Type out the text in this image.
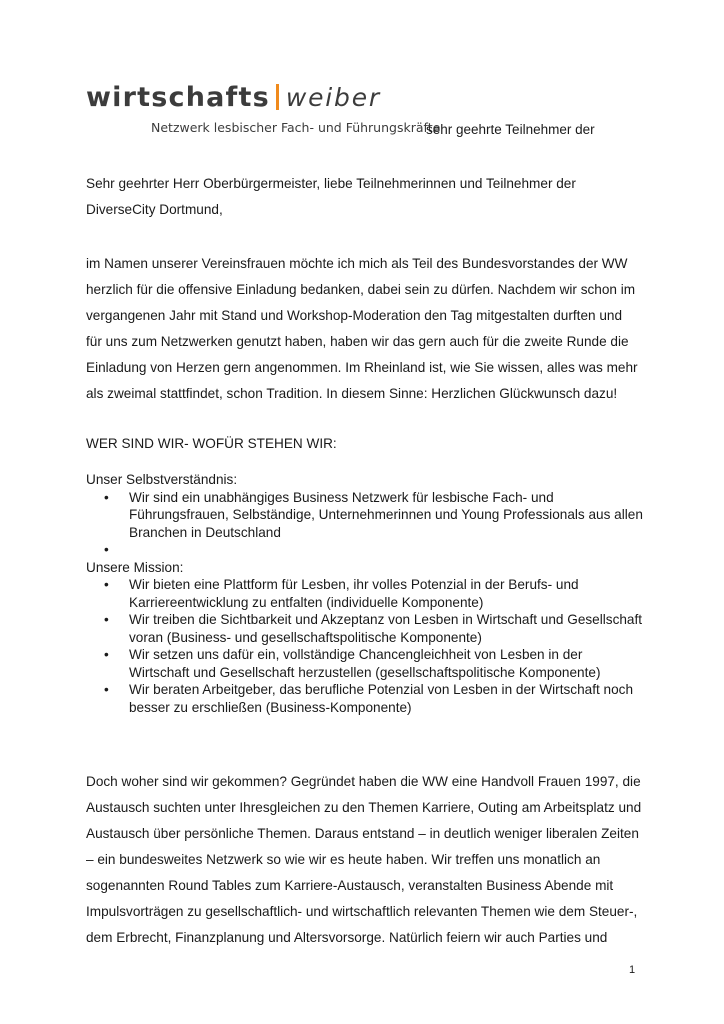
wirtschafts weiber
Netzwerk lesbischer Fach- und Führungskräfte
sehr geehrte Teilnehmer der

Sehr geehrter Herr Oberbürgermeister, liebe Teilnehmerinnen und Teilnehmer der

DiverseCity Dortmund,

im Namen unserer Vereinsfrauen möchte ich mich als Teil des Bundesvorstandes der WW

herzlich für die offensive Einladung bedanken, dabei sein zu dürfen. Nachdem wir schon im

vergangenen Jahr mit Stand und Workshop-Moderation den Tag mitgestalten durften und

für uns zum Netzwerken genutzt haben, haben wir das gern auch für die zweite Runde die

Einladung von Herzen gern angenommen. Im Rheinland ist, wie Sie wissen, alles was mehr

als zweimal stattfindet, schon Tradition. In diesem Sinne: Herzlichen Glückwunsch dazu!

WER SIND WIR- WOFÜR STEHEN WIR:

Unser Selbstverständnis:

• Wir sind ein unabhängiges Business Netzwerk für lesbische Fach- und
Führungsfrauen, Selbständige, Unternehmerinnen und Young Professionals aus allen
Branchen in Deutschland
•

Unsere Mission:

• Wir bieten eine Plattform für Lesben, ihr volles Potenzial in der Berufs- und
Karriereentwicklung zu entfalten (individuelle Komponente)
• Wir treiben die Sichtbarkeit und Akzeptanz von Lesben in Wirtschaft und Gesellschaft
voran (Business- und gesellschaftspolitische Komponente)
• Wir setzen uns dafür ein, vollständige Chancengleichheit von Lesben in der
Wirtschaft und Gesellschaft herzustellen (gesellschaftspolitische Komponente)
• Wir beraten Arbeitgeber, das berufliche Potenzial von Lesben in der Wirtschaft noch
besser zu erschließen (Business-Komponente)

Doch woher sind wir gekommen? Gegründet haben die WW eine Handvoll Frauen 1997, die

Austausch suchten unter Ihresgleichen zu den Themen Karriere, Outing am Arbeitsplatz und

Austausch über persönliche Themen. Daraus entstand – in deutlich weniger liberalen Zeiten

– ein bundesweites Netzwerk so wie wir es heute haben. Wir treffen uns monatlich an

sogenannten Round Tables zum Karriere-Austausch, veranstalten Business Abende mit

Impulsvorträgen zu gesellschaftlich- und wirtschaftlich relevanten Themen wie dem Steuer-,

dem Erbrecht, Finanzplanung und Altersvorsorge. Natürlich feiern wir auch Parties und

1
